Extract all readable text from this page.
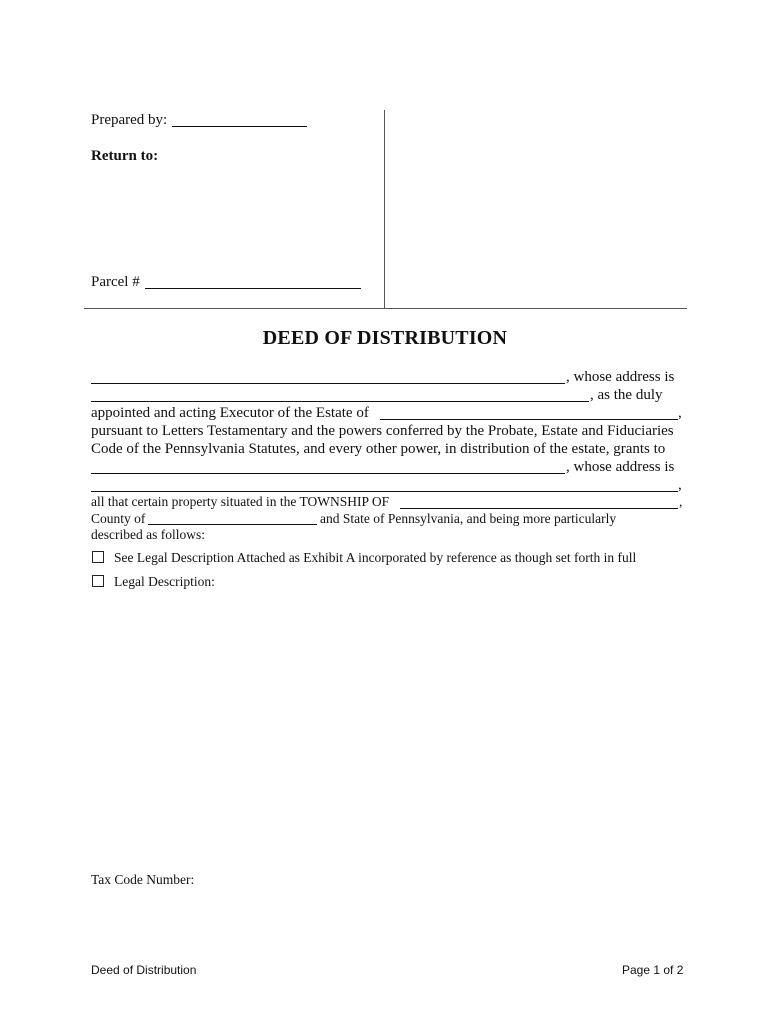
Prepared by:
Return to:
Parcel #
DEED OF DISTRIBUTION
, whose address is
, as the duly
appointed and acting Executor of the Estate of	,
pursuant to Letters Testamentary and the powers conferred by the Probate, Estate and Fiduciaries
Code of the Pennsylvania Statutes, and every other power, in distribution of the estate, grants to
, whose address is
,
all that certain property situated in the TOWNSHIP OF	,
County of	and State of Pennsylvania, and being more particularly
described as follows:
See Legal Description Attached as Exhibit A incorporated by reference as though set forth in full
Legal Description:
Tax Code Number:
Deed of Distribution	Page 1 of 2
